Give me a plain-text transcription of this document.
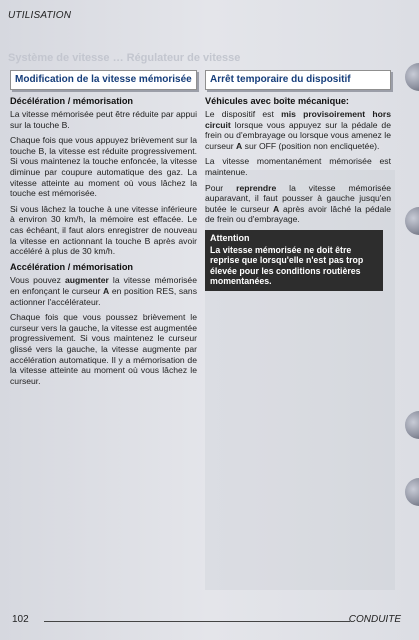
UTILISATION
Système de vitesse … Régulateur de vitesse
Modification de la vitesse mémorisée
Décélération / mémorisation

La vitesse mémorisée peut être réduite par appui sur la touche B.

Chaque fois que vous appuyez brièvement sur la touche B, la vitesse est réduite progressivement. Si vous maintenez la touche enfoncée, la vitesse diminue par coupure automatique des gaz. La vitesse atteinte au moment où vous lâchez la touche est mémorisée.

Si vous lâchez la touche à une vitesse inférieure à environ 30 km/h, la mémoire est effacée. Le cas échéant, il faut alors enregistrer de nouveau la vitesse en actionnant la touche B après avoir accéléré à plus de 30 km/h.

Accélération / mémorisation

Vous pouvez augmenter la vitesse mémorisée en enfonçant le curseur A en position RES, sans actionner l'accélérateur.

Chaque fois que vous poussez brièvement le curseur vers la gauche, la vitesse est augmentée progressivement. Si vous maintenez le curseur glissé vers la gauche, la vitesse augmente par accélération automatique. Il y a mémorisation de la vitesse atteinte au moment où vous lâchez le curseur.

Arrêt temporaire du dispositif
Véhicules avec boîte mécanique:

Le dispositif est mis provisoirement hors circuit lorsque vous appuyez sur la pédale de frein ou d'embrayage ou lorsque vous amenez le curseur A sur OFF (position non encliquetée).

La vitesse momentanément mémorisée est maintenue.

Pour reprendre la vitesse mémorisée auparavant, il faut pousser à gauche jusqu'en butée le curseur A après avoir lâché la pédale de frein ou d'embrayage.

Attention
La vitesse mémorisée ne doit être reprise que lorsqu'elle n'est pas trop élevée pour les conditions routières momentanées.
102	CONDUITE
